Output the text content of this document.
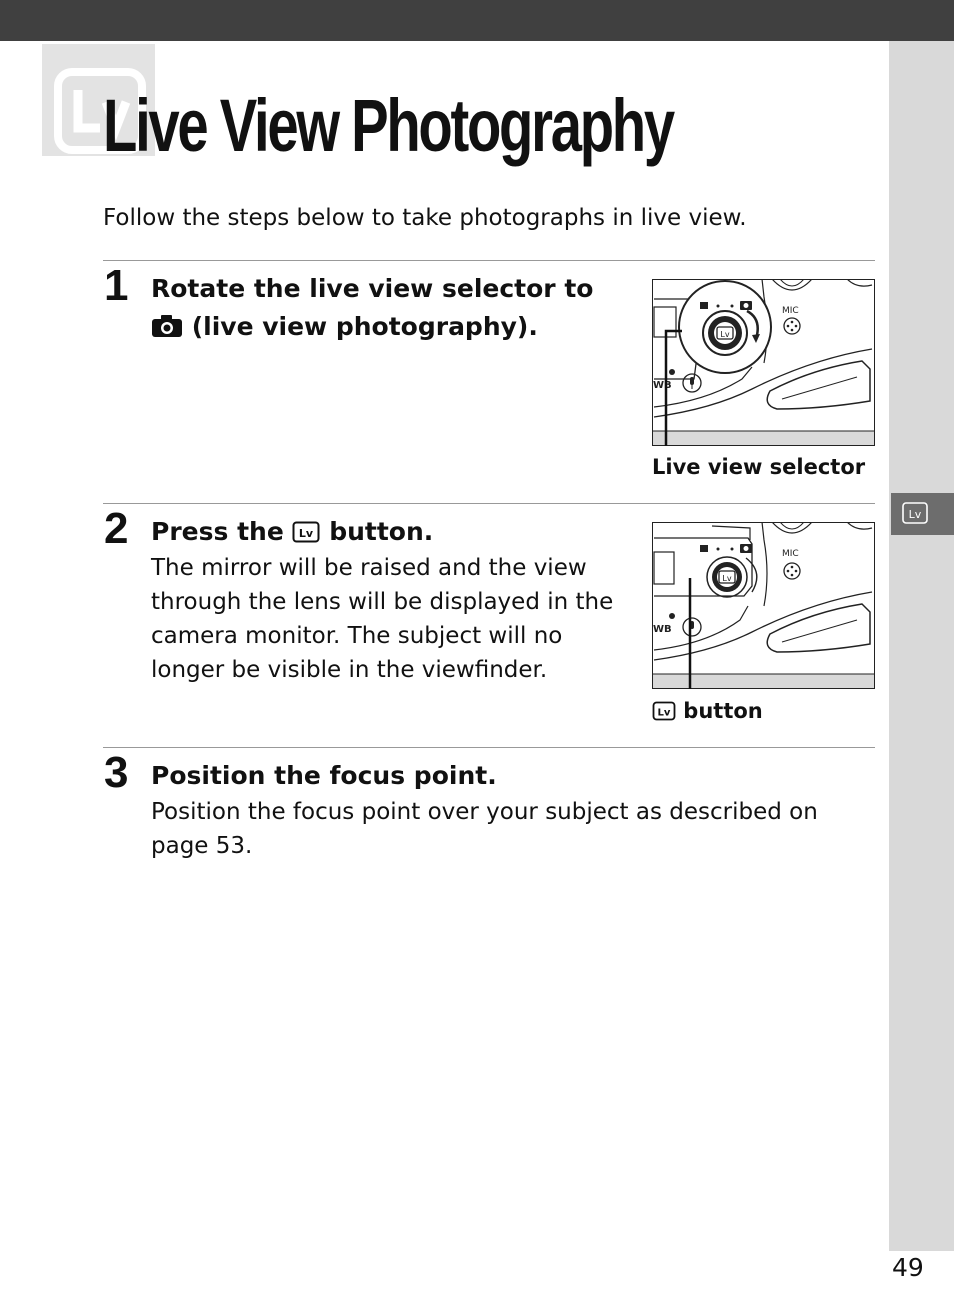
Lv
Live View Photography
Follow the steps below to take photographs in live view.
1 Rotate the live view selector to
(live view photography).
MIC
WB
Lv
Live view selector
2 Press the Lv button.
The mirror will be raised and the view through the lens will be displayed in the camera monitor. The subject will no longer be visible in the viewfinder.
MIC
Lv
WB
Lv button
3 Position the focus point.
Position the focus point over your subject as described on page 53.
49
